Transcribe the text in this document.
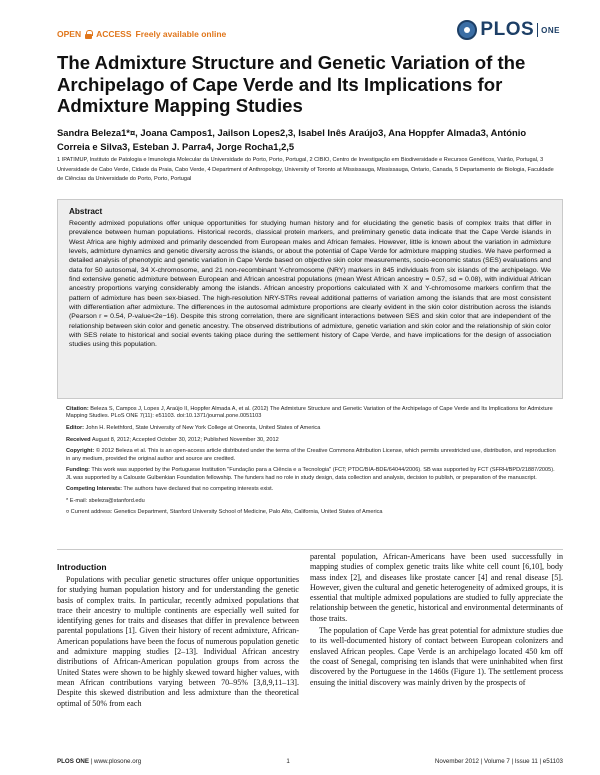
OPEN ACCESS Freely available online	PLOS ONE
The Admixture Structure and Genetic Variation of the Archipelago of Cape Verde and Its Implications for Admixture Mapping Studies
Sandra Beleza1*¤, Joana Campos1, Jailson Lopes2,3, Isabel Inês Araújo3, Ana Hoppfer Almada3, António Correia e Silva3, Esteban J. Parra4, Jorge Rocha1,2,5
1 IPATIMUP, Instituto de Patologia e Imunologia Molecular da Universidade do Porto, Porto, Portugal, 2 CIBIO, Centro de Investigação em Biodiversidade e Recursos Genéticos, Vairão, Portugal, 3 Universidade de Cabo Verde, Cidade da Praia, Cabo Verde, 4 Department of Anthropology, University of Toronto at Mississauga, Mississauga, Ontario, Canada, 5 Departamento de Biologia, Faculdade de Ciências da Universidade do Porto, Porto, Portugal
Abstract
Recently admixed populations offer unique opportunities for studying human history and for elucidating the genetic basis of complex traits that differ in prevalence between human populations. Historical records, classical protein markers, and preliminary genetic data indicate that the Cape Verde islands in West Africa are highly admixed and primarily descended from European males and African females. However, little is known about the variation in admixture levels, admixture dynamics and genetic diversity across the islands, or about the potential of Cape Verde for admixture mapping studies. We have performed a detailed analysis of phenotypic and genetic variation in Cape Verde based on objective skin color measurements, socio-economic status (SES) evaluations and data for 50 autosomal, 34 X-chromosome, and 21 non-recombinant Y-chromosome (NRY) markers in 845 individuals from six islands of the archipelago. We find extensive genetic admixture between European and African ancestral populations (mean West African ancestry = 0.57, sd = 0.08), with individual African ancestry proportions varying considerably among the islands. African ancestry proportions calculated with X and Y-chromosome markers confirm that the pattern of admixture has been sex-biased. The high-resolution NRY-STRs reveal additional patterns of variation among the islands that are most consistent with differentiation after admixture. The differences in the autosomal admixture proportions are clearly evident in the skin color distribution across the islands (Pearson r = 0.54, P-value<2e−16). Despite this strong correlation, there are significant interactions between SES and skin color that are independent of the relationship between skin color and genetic ancestry. The observed distributions of admixture, genetic variation and skin color and the relationship of skin color with SES relate to historical and social events taking place during the settlement history of Cape Verde, and have implications for the design of association studies using this population.

Citation: Beleza S, Campos J, Lopes J, Araújo II, Hoppfer Almada A, et al. (2012) The Admixture Structure and Genetic Variation of the Archipelago of Cape Verde and Its Implications for Admixture Mapping Studies. PLoS ONE 7(11): e51103. doi:10.1371/journal.pone.0051103

Editor: John H. Relethford, State University of New York College at Oneonta, United States of America

Received August 8, 2012; Accepted October 30, 2012; Published November 30, 2012

Copyright: © 2012 Beleza et al. This is an open-access article distributed under the terms of the Creative Commons Attribution License, which permits unrestricted use, distribution, and reproduction in any medium, provided the original author and source are credited.

Funding: This work was supported by the Portuguese Institution "Fundação para a Ciência e a Tecnologia" (FCT; PTDC/BIA-BDE/64044/2006). SB was supported by FCT (SFRH/BPD/21887/2005). JL was supported by a Calouste Gulbenkian Foundation fellowship. The funders had no role in study design, data collection and analysis, decision to publish, or preparation of the manuscript.

Competing Interests: The authors have declared that no competing interests exist.

* E-mail: sbeleza@stanford.edu

¤ Current address: Genetics Department, Stanford University School of Medicine, Palo Alto, California, United States of America

Introduction
Populations with peculiar genetic structures offer unique opportunities for studying human population history and for understanding the genetic basis of complex traits. In particular, recently admixed populations that trace their ancestry to multiple continents are especially well suited for identifying genes for traits and diseases that differ in prevalence between parental populations [1]. Given their history of recent admixture, African-American populations have been the focus of numerous population genetic and admixture mapping studies [2–13]. Individual African ancestry distributions of African-American population groups from across the United States were shown to be highly skewed toward higher values, with mean African contributions varying between 70–95% [3,8,9,11–13]. Despite this skewed distribution and less admixture than the theoretical optimal of 50% from each

parental population, African-Americans have been used successfully in mapping studies of complex genetic traits like white cell count [6,10], body mass index [2], and diseases like prostate cancer [4] and renal disease [5]. However, given the cultural and genetic heterogeneity of admixed groups, it is essential that multiple admixed populations are studied to fully appreciate the relationship between the genetic, historical and environmental determinants of those traits.

The population of Cape Verde has great potential for admixture studies due to its well-documented history of contact between European colonizers and enslaved African peoples. Cape Verde is an archipelago located 450 km off the coast of Senegal, comprising ten islands that were uninhabited when first discovered by the Portuguese in the 1460s (Figure 1). The settlement process ensuing the initial discovery was mainly driven by the prospects of

PLOS ONE | www.plosone.org	1	November 2012 | Volume 7 | Issue 11 | e51103
